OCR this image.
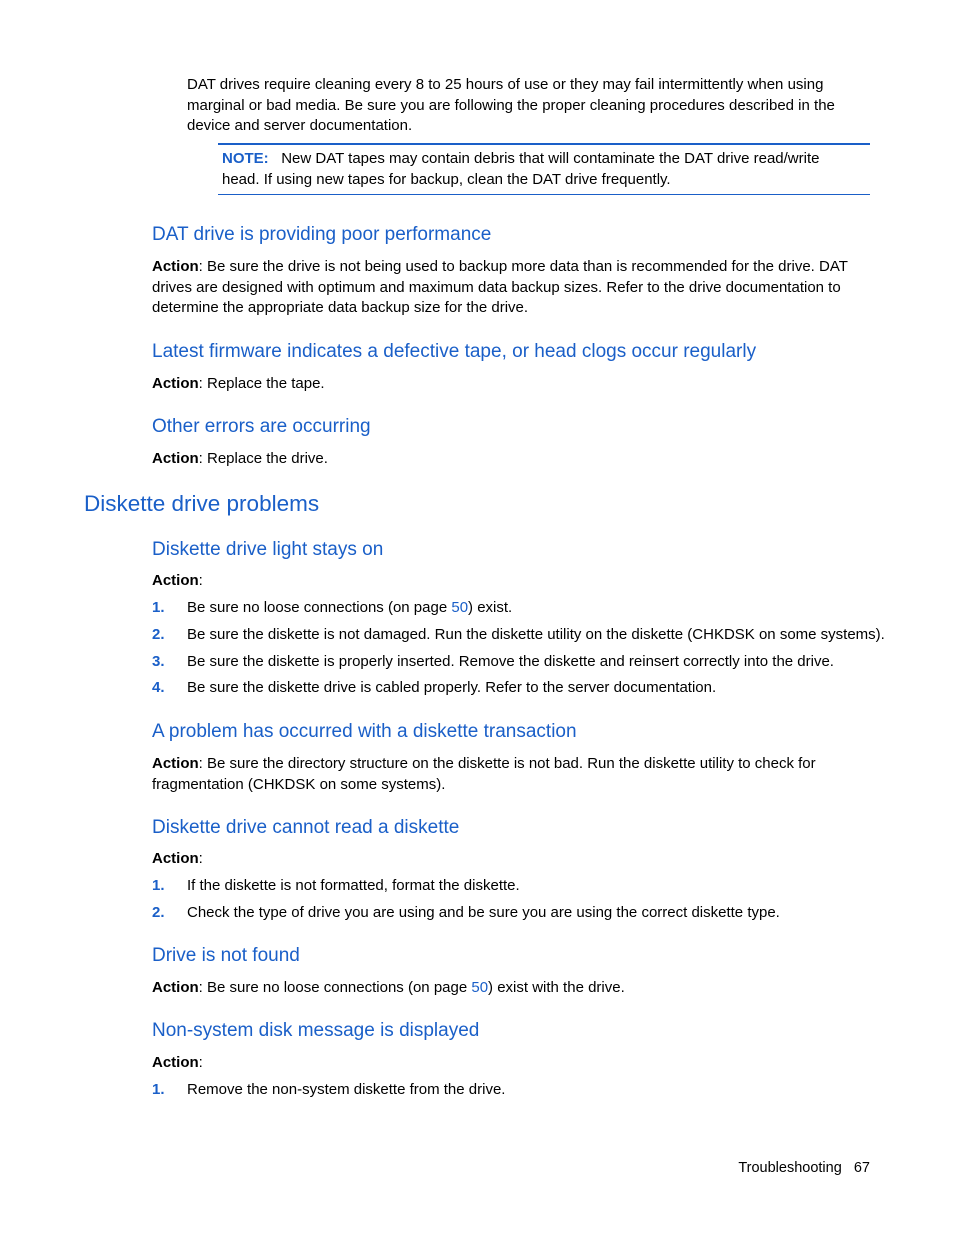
DAT drives require cleaning every 8 to 25 hours of use or they may fail intermittently when using
marginal or bad media. Be sure you are following the proper cleaning procedures described in the
device and server documentation.
NOTE: New DAT tapes may contain debris that will contaminate the DAT drive read/write
head. If using new tapes for backup, clean the DAT drive frequently.
DAT drive is providing poor performance
Action: Be sure the drive is not being used to backup more data than is recommended for the drive. DAT
drives are designed with optimum and maximum data backup sizes. Refer to the drive documentation to
determine the appropriate data backup size for the drive.
Latest firmware indicates a defective tape, or head clogs occur regularly
Action: Replace the tape.
Other errors are occurring
Action: Replace the drive.
Diskette drive problems
Diskette drive light stays on
Action:
1. Be sure no loose connections (on page 50) exist.
2. Be sure the diskette is not damaged. Run the diskette utility on the diskette (CHKDSK on some systems).
3. Be sure the diskette is properly inserted. Remove the diskette and reinsert correctly into the drive.
4. Be sure the diskette drive is cabled properly. Refer to the server documentation.
A problem has occurred with a diskette transaction
Action: Be sure the directory structure on the diskette is not bad. Run the diskette utility to check for
fragmentation (CHKDSK on some systems).
Diskette drive cannot read a diskette
Action:
1. If the diskette is not formatted, format the diskette.
2. Check the type of drive you are using and be sure you are using the correct diskette type.
Drive is not found
Action: Be sure no loose connections (on page 50) exist with the drive.
Non-system disk message is displayed
Action:
1. Remove the non-system diskette from the drive.
Troubleshooting 67
